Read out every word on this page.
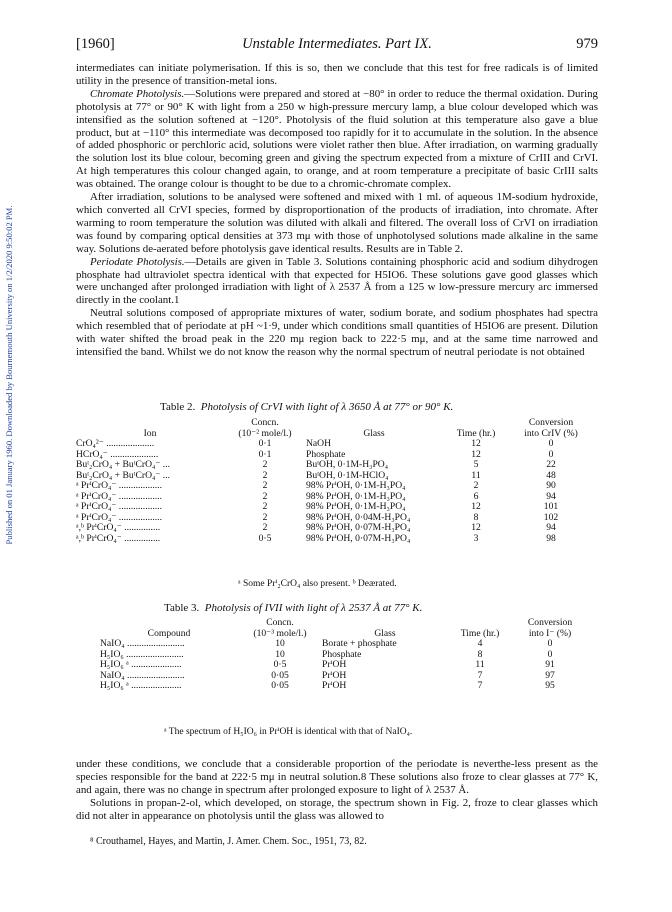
Published on 01 January 1960. Downloaded by Bournemouth University on 1/2/2020 9:50:02 PM.
[1960]	Unstable Intermediates. Part IX.	979

intermediates can initiate polymerisation. If this is so, then we conclude that this test for free radicals is of limited utility in the presence of transition-metal ions.

Chromate Photolysis.—Solutions were prepared and stored at −80° in order to reduce the thermal oxidation. During photolysis at 77° or 90° K with light from a 250 w high-pressure mercury lamp, a blue colour developed which was intensified as the solution softened at −120°. Photolysis of the fluid solution at this temperature also gave a blue product, but at −110° this intermediate was decomposed too rapidly for it to accumulate in the solution. In the absence of added phosphoric or perchloric acid, solutions were violet rather then blue. After irradiation, on warming gradually the solution lost its blue colour, becoming green and giving the spectrum expected from a mixture of CrIII and CrVI. At high temperatures this colour changed again, to orange, and at room temperature a precipitate of basic CrIII salts was obtained. The orange colour is thought to be due to a chromic-chromate complex.

After irradiation, solutions to be analysed were softened and mixed with 1 ml. of aqueous 1M-sodium hydroxide, which converted all CrVI species, formed by disproportionation of the products of irradiation, into chromate. After warming to room temperature the solution was diluted with alkali and filtered. The overall loss of CrVI on irradiation was found by comparing optical densities at 373 mμ with those of unphotolysed solutions made alkaline in the same way. Solutions de-aerated before photolysis gave identical results. Results are in Table 2.

Periodate Photolysis.—Details are given in Table 3. Solutions containing phosphoric acid and sodium dihydrogen phosphate had ultraviolet spectra identical with that expected for H5IO6. These solutions gave good glasses which were unchanged after prolonged irradiation with light of λ 2537 Å from a 125 w low-pressure mercury arc immersed directly in the coolant.1

Neutral solutions composed of appropriate mixtures of water, sodium borate, and sodium phosphates had spectra which resembled that of periodate at pH ~1·9, under which conditions small quantities of H5IO6 are present. Dilution with water shifted the broad peak in the 220 mμ region back to 222·5 mμ, and at the same time narrowed and intensified the band. Whilst we do not know the reason why the normal spectrum of neutral periodate is not obtained

Table 2. Photolysis of CrVI with light of λ 3650 Å at 77° or 90° K.
	Concn.			Conversion
Ion	(10⁻² mole/l.)	Glass	Time (hr.)	into CrIV (%)
CrO₄²⁻ ....................	0·1	NaOH	12	0
HCrO₄⁻ ....................	0·1	Phosphate	12	0
Buᵗ₂CrO₄ + BuᵗCrO₄⁻ ...	2	BuᵗOH, 0·1M-H₃PO₄	5	22
Buᵗ₂CrO₄ + BuᵗCrO₄⁻ ...	2	BuᵗOH, 0·1M-HClO₄	11	48
ᵃ PrⁱCrO₄⁻ ..................	2	98% PrⁱOH, 0·1M-H₃PO₄	2	90
ᵃ PrⁱCrO₄⁻ ..................	2	98% PrⁱOH, 0·1M-H₃PO₄	6	94
ᵃ PrⁱCrO₄⁻ ..................	2	98% PrⁱOH, 0·1M-H₃PO₄	12	101
ᵃ PrⁱCrO₄⁻ ..................	2	98% PrⁱOH, 0·04M-H₃PO₄	8	102
ᵃ,ᵇ PrⁱCrO₄⁻ ...............	2	98% PrⁱOH, 0·07M-H₃PO₄	12	94
ᵃ,ᵇ PrⁱCrO₄⁻ ...............	0·5	98% PrⁱOH, 0·07M-H₃PO₄	3	98
ᵃ Some Prⁱ₂CrO₄ also present. ᵇ Deærated.
Table 3. Photolysis of IVII with light of λ 2537 Å at 77° K.
	Concn.			Conversion
Compound	(10⁻³ mole/l.)	Glass	Time (hr.)	into I⁻ (%)
NaIO₄ ........................	10	Borate + phosphate	4	0
H₅IO₆ ........................	10	Phosphate	8	0
H₅IO₆ ᵃ .....................	0·5	PrⁱOH	11	91
NaIO₄ ........................	0·05	PrⁱOH	7	97
H₅IO₆ ᵃ .....................	0·05	PrⁱOH	7	95
ᵃ The spectrum of H₅IO₆ in PrⁱOH is identical with that of NaIO₄.

under these conditions, we conclude that a considerable proportion of the periodate is neverthe-less present as the species responsible for the band at 222·5 mμ in neutral solution.8 These solutions also froze to clear glasses at 77° K, and again, there was no change in spectrum after prolonged exposure to light of λ 2537 Å.

Solutions in propan-2-ol, which developed, on storage, the spectrum shown in Fig. 2, froze to clear glasses which did not alter in appearance on photolysis until the glass was allowed to

⁸ Crouthamel, Hayes, and Martin, J. Amer. Chem. Soc., 1951, 73, 82.
